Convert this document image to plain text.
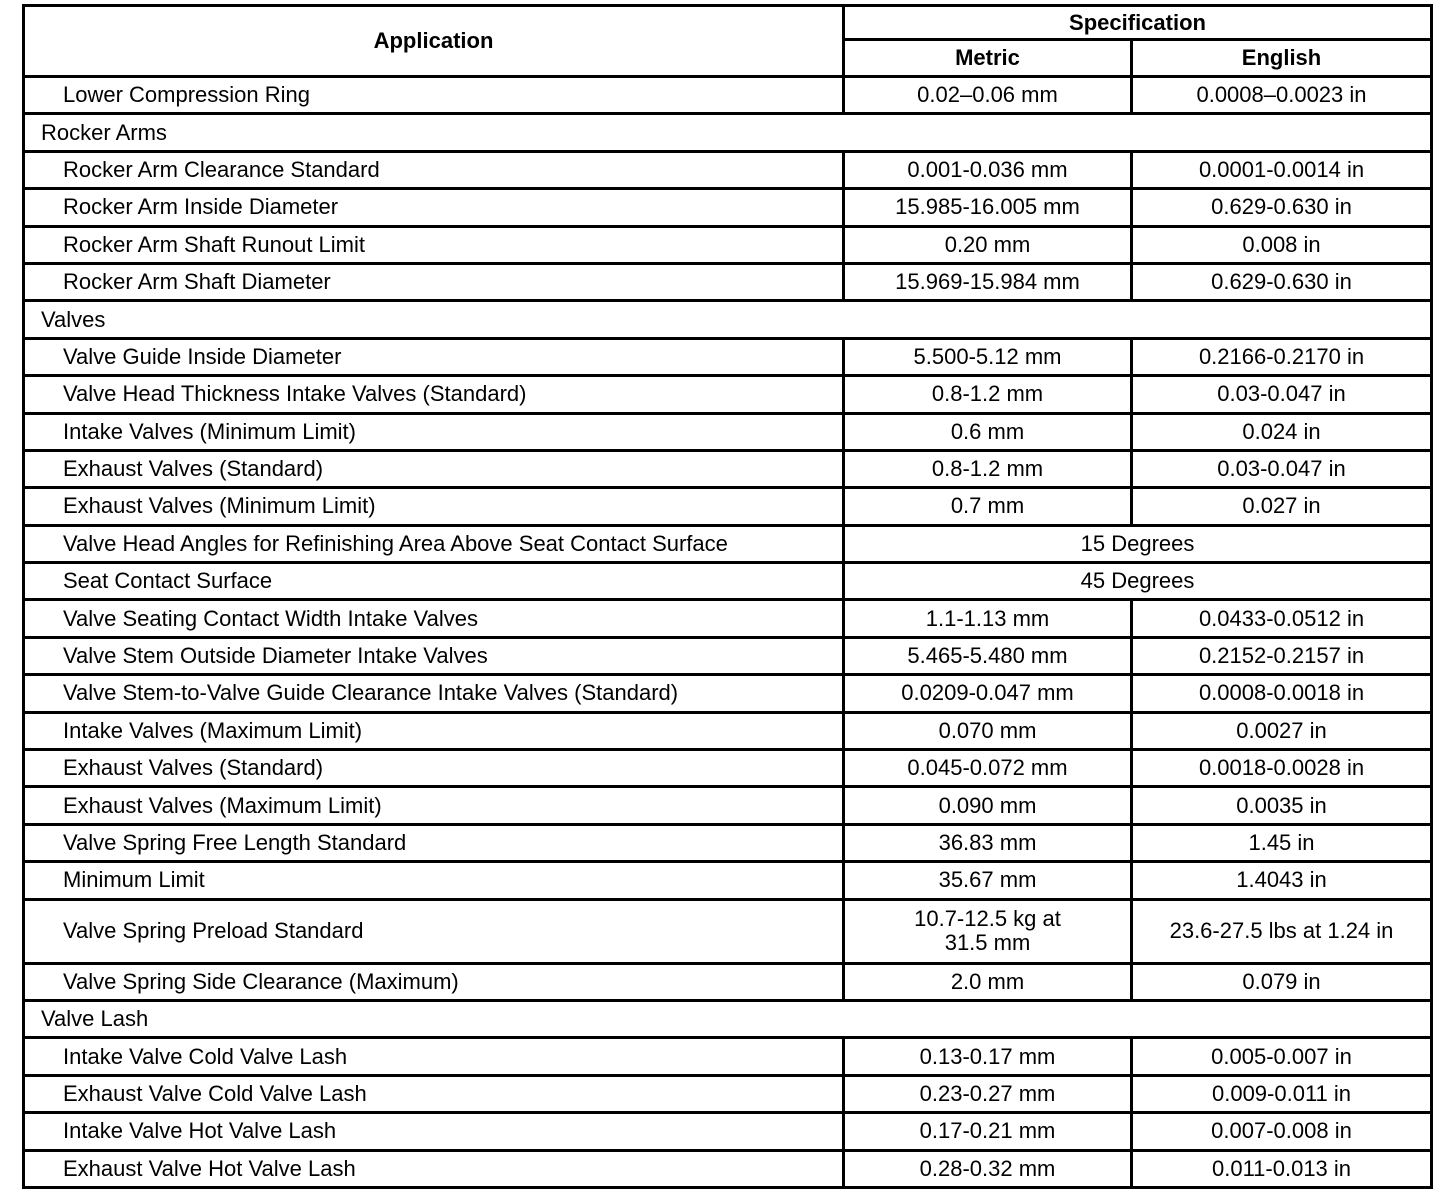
Application	Specification	
	Metric	English
Lower Compression Ring	0.02–0.06 mm	0.0008–0.0023 in
Rocker Arms		
Rocker Arm Clearance Standard	0.001-0.036 mm	0.0001-0.0014 in
Rocker Arm Inside Diameter	15.985-16.005 mm	0.629-0.630 in
Rocker Arm Shaft Runout Limit	0.20 mm	0.008 in
Rocker Arm Shaft Diameter	15.969-15.984 mm	0.629-0.630 in
Valves		
Valve Guide Inside Diameter	5.500-5.12 mm	0.2166-0.2170 in
Valve Head Thickness Intake Valves (Standard)	0.8-1.2 mm	0.03-0.047 in
Intake Valves (Minimum Limit)	0.6 mm	0.024 in
Exhaust Valves (Standard)	0.8-1.2 mm	0.03-0.047 in
Exhaust Valves (Minimum Limit)	0.7 mm	0.027 in
Valve Head Angles for Refinishing Area Above Seat Contact Surface	15 Degrees	
Seat Contact Surface	45 Degrees	
Valve Seating Contact Width Intake Valves	1.1-1.13 mm	0.0433-0.0512 in
Valve Stem Outside Diameter Intake Valves	5.465-5.480 mm	0.2152-0.2157 in
Valve Stem-to-Valve Guide Clearance Intake Valves (Standard)	0.0209-0.047 mm	0.0008-0.0018 in
Intake Valves (Maximum Limit)	0.070 mm	0.0027 in
Exhaust Valves (Standard)	0.045-0.072 mm	0.0018-0.0028 in
Exhaust Valves (Maximum Limit)	0.090 mm	0.0035 in
Valve Spring Free Length Standard	36.83 mm	1.45 in
Minimum Limit	35.67 mm	1.4043 in
Valve Spring Preload Standard	10.7-12.5 kg at
31.5 mm	23.6-27.5 lbs at 1.24 in
Valve Spring Side Clearance (Maximum)	2.0 mm	0.079 in
Valve Lash		
Intake Valve Cold Valve Lash	0.13-0.17 mm	0.005-0.007 in
Exhaust Valve Cold Valve Lash	0.23-0.27 mm	0.009-0.011 in
Intake Valve Hot Valve Lash	0.17-0.21 mm	0.007-0.008 in
Exhaust Valve Hot Valve Lash	0.28-0.32 mm	0.011-0.013 in
